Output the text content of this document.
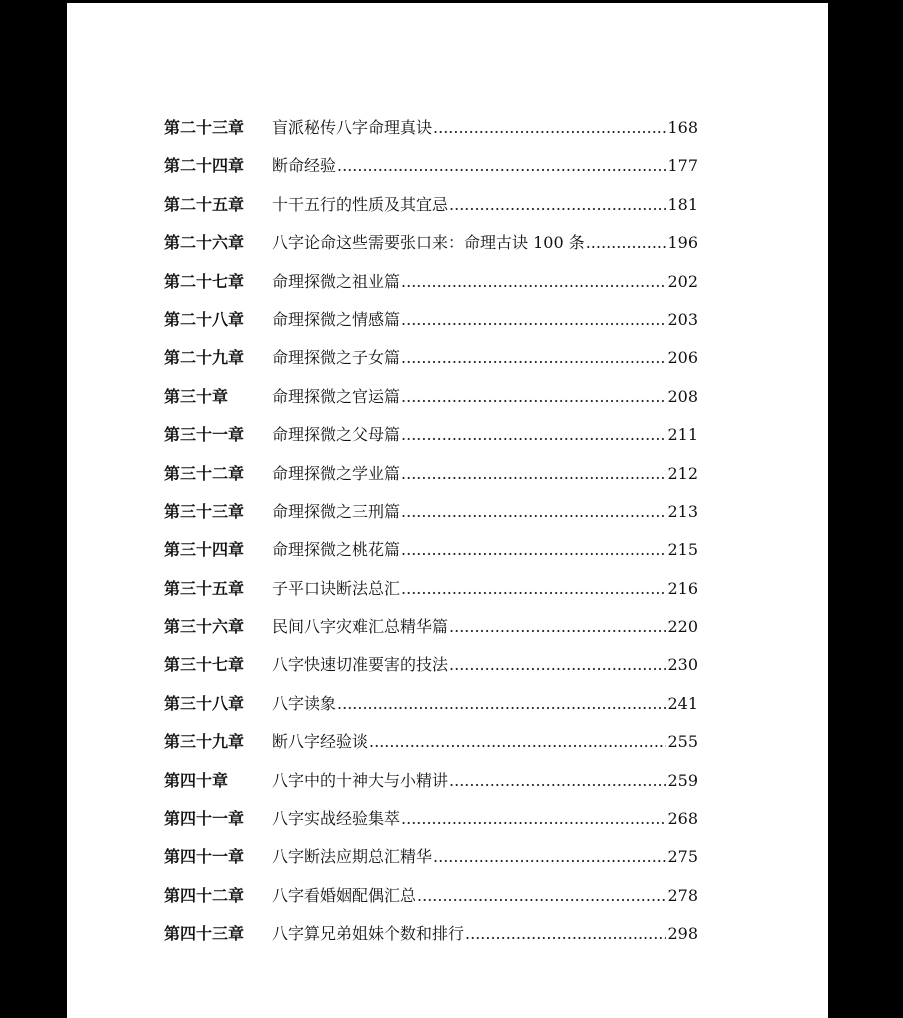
第二十三章	盲派秘传八字命理真诀 .....	168
第二十四章	断命经验 .....	177
第二十五章	十干五行的性质及其宜忌 .....	181
第二十六章	八字论命这些需要张口来：命理古诀 100 条 .....	196
第二十七章	命理探微之祖业篇 .....	202
第二十八章	命理探微之情感篇 .....	203
第二十九章	命理探微之子女篇 .....	206
第三十章	命理探微之官运篇 .....	208
第三十一章	命理探微之父母篇 .....	211
第三十二章	命理探微之学业篇 .....	212
第三十三章	命理探微之三刑篇 .....	213
第三十四章	命理探微之桃花篇 .....	215
第三十五章	子平口诀断法总汇 .....	216
第三十六章	民间八字灾难汇总精华篇 .....	220
第三十七章	八字快速切准要害的技法 .....	230
第三十八章	八字读象 .....	241
第三十九章	断八字经验谈 .....	255
第四十章	八字中的十神大与小精讲 .....	259
第四十一章	八字实战经验集萃 .....	268
第四十一章	八字断法应期总汇精华 .....	275
第四十二章	八字看婚姻配偶汇总 .....	278
第四十三章	八字算兄弟姐妹个数和排行 .....	298
